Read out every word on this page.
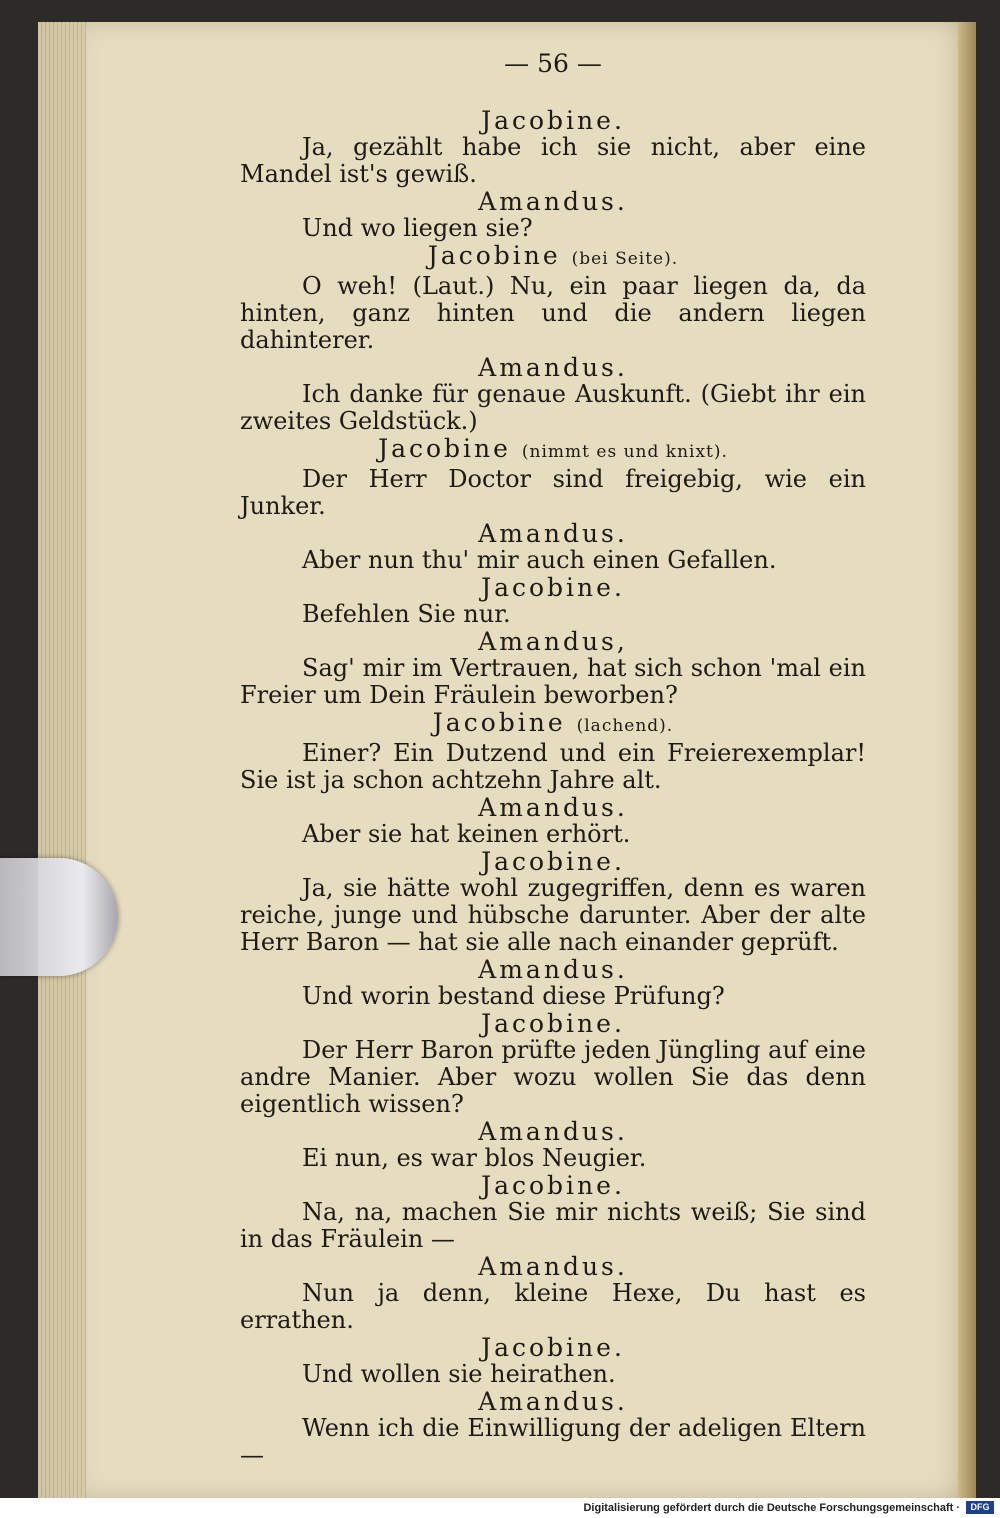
— 56 —
Jacobine.
Ja, gezählt habe ich sie nicht, aber eine Mandel ist's gewiß.
Amandus.
Und wo liegen sie?
Jacobine (bei Seite).
O weh! (Laut.) Nu, ein paar liegen da, da hinten, ganz hinten und die andern liegen dahinterer.
Amandus.
Ich danke für genaue Auskunft. (Giebt ihr ein zweites Geldstück.)
Jacobine (nimmt es und knixt).
Der Herr Doctor sind freigebig, wie ein Junker.
Amandus.
Aber nun thu' mir auch einen Gefallen.
Jacobine.
Befehlen Sie nur.
Amandus,
Sag' mir im Vertrauen, hat sich schon 'mal ein Freier um Dein Fräulein beworben?
Jacobine (lachend).
Einer? Ein Dutzend und ein Freierexemplar! Sie ist ja schon achtzehn Jahre alt.
Amandus.
Aber sie hat keinen erhört.
Jacobine.
Ja, sie hätte wohl zugegriffen, denn es waren reiche, junge und hübsche darunter. Aber der alte Herr Baron — hat sie alle nach einander geprüft.
Amandus.
Und worin bestand diese Prüfung?
Jacobine.
Der Herr Baron prüfte jeden Jüngling auf eine andre Manier. Aber wozu wollen Sie das denn eigentlich wissen?
Amandus.
Ei nun, es war blos Neugier.
Jacobine.
Na, na, machen Sie mir nichts weiß; Sie sind in das Fräulein —
Amandus.
Nun ja denn, kleine Hexe, Du hast es errathen.
Jacobine.
Und wollen sie heirathen.
Amandus.
Wenn ich die Einwilligung der adeligen Eltern —
Digitalisierung gefördert durch die Deutsche Forschungsgemeinschaft ·	DFG
